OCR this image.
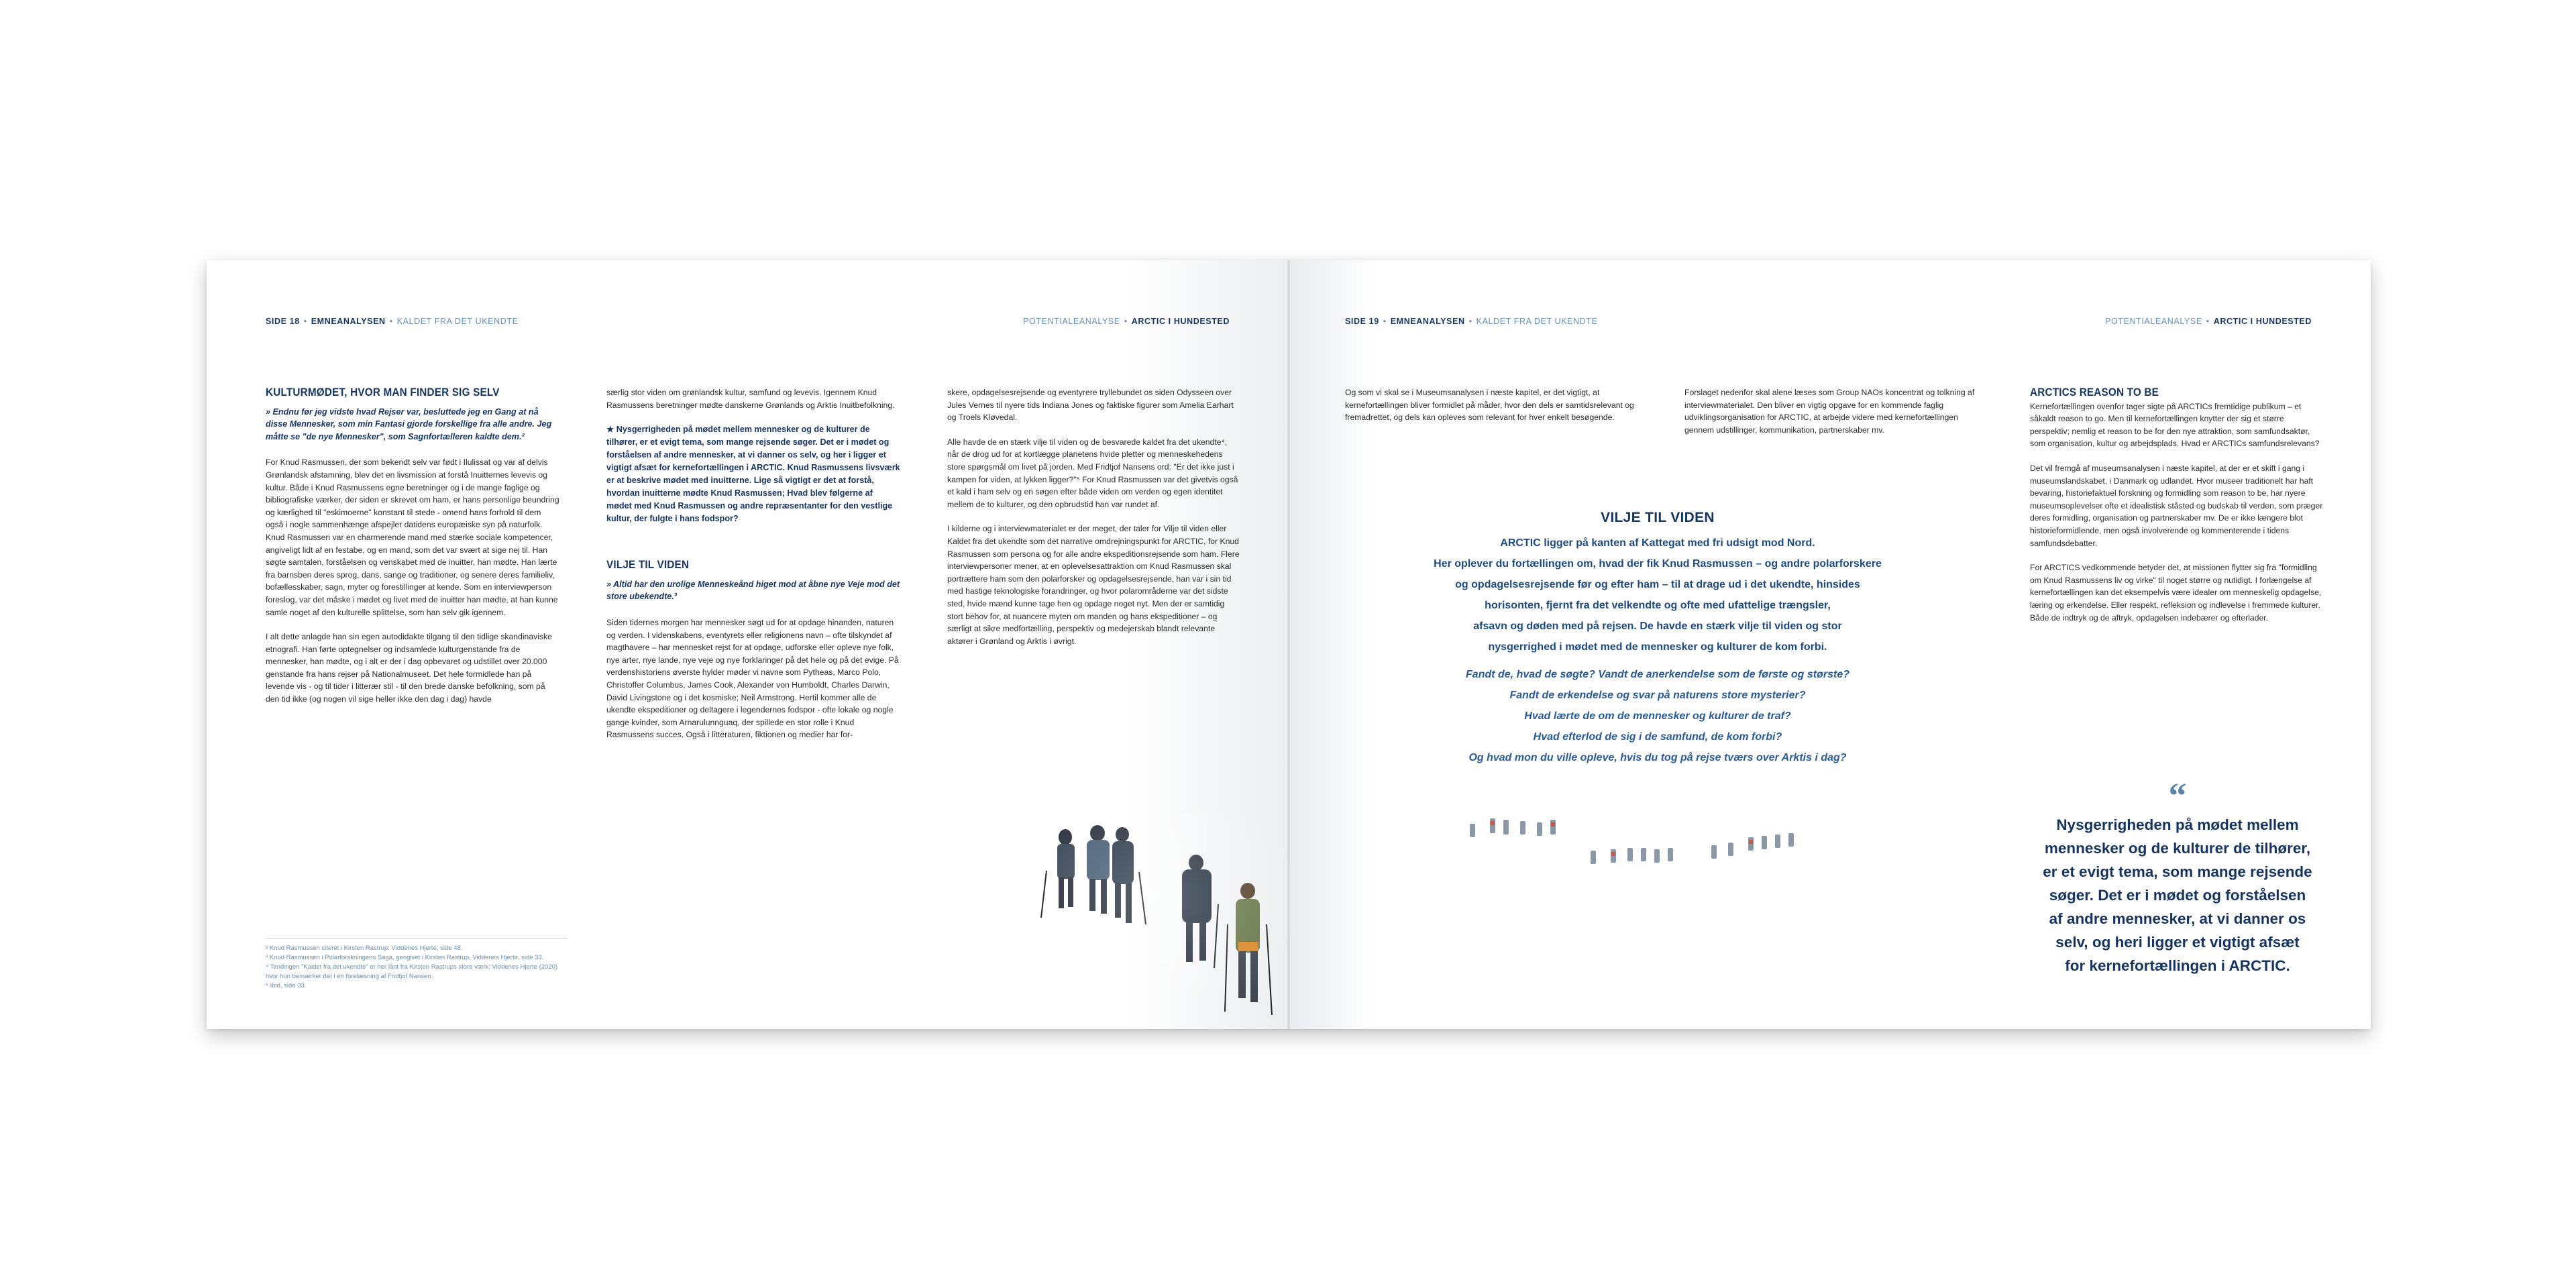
SIDE 18 • EMNEANALYSEN • KALDET FRA DET UKENDTE	POTENTIALEANALYSE • ARCTIC I HUNDESTED
KULTURMØDET, HVOR MAN FINDER SIG SELV
» Endnu før jeg vidste hvad Rejser var, besluttede jeg en Gang at nå disse Mennesker, som min Fantasi gjorde forskellige fra alle andre. Jeg måtte se "de nye Mennesker", som Sagnfortælleren kaldte dem.²

For Knud Rasmussen, der som bekendt selv var født i Ilulissat og var af delvis Grønlandsk afstamning, blev det en livsmission at forstå Inuitternes levevis og kultur. Både i Knud Rasmussens egne beretninger og i de mange faglige og bibliografiske værker, der siden er skrevet om ham, er hans personlige beundring og kærlighed til "eskimoerne" konstant til stede - omend hans forhold til dem også i nogle sammenhænge afspejler datidens europæiske syn på naturfolk. Knud Rasmussen var en charmerende mand med stærke sociale kompetencer, angiveligt lidt af en festabe, og en mand, som det var svært at sige nej til. Han søgte samtalen, forståelsen og venskabet med de inuitter, han mødte. Han lærte fra barnsben deres sprog, dans, sange og traditioner, og senere deres familieliv, bofællesskaber, sagn, myter og forestillinger at kende. Som en interviewperson foreslog, var det måske i mødet og livet med de inuitter han mødte, at han kunne samle noget af den kulturelle splittelse, som han selv gik igennem.

I alt dette anlagde han sin egen autodidakte tilgang til den tidlige skandinaviske etnografi. Han førte optegnelser og indsamlede kulturgenstande fra de mennesker, han mødte, og i alt er der i dag opbevaret og udstillet over 20.000 genstande fra hans rejser på Nationalmuseet. Det hele formidlede han på levende vis - og til tider i litterær stil - til den brede danske befolkning, som på den tid ikke (og nogen vil sige heller ikke den dag i dag) havde

særlig stor viden om grønlandsk kultur, samfund og levevis. Igennem Knud Rasmussens beretninger mødte danskerne Grønlands og Arktis Inuitbefolkning.

★ Nysgerrigheden på mødet mellem mennesker og de kulturer de tilhører, er et evigt tema, som mange rejsende søger. Det er i mødet og forståelsen af andre mennesker, at vi danner os selv, og her i ligger et vigtigt afsæt for kernefortællingen i ARCTIC. Knud Rasmussens livsværk er at beskrive mødet med inuitterne. Lige så vigtigt er det at forstå, hvordan inuitterne mødte Knud Rasmussen; Hvad blev følgerne af mødet med Knud Rasmussen og andre repræsentanter for den vestlige kultur, der fulgte i hans fodspor?

VILJE TIL VIDEN
» Altid har den urolige Menneskeånd higet mod at åbne nye Veje mod det store ubekendte.³

Siden tidernes morgen har mennesker søgt ud for at opdage hinanden, naturen og verden. I videnskabens, eventyrets eller religionens navn – ofte tilskyndet af magthavere – har mennesket rejst for at opdage, udforske eller opleve nye folk, nye arter, nye lande, nye veje og nye forklaringer på det hele og på det evige. På verdenshistoriens øverste hylder møder vi navne som Pytheas, Marco Polo, Christoffer Columbus, James Cook, Alexander von Humboldt, Charles Darwin, David Livingstone og i det kosmiske; Neil Armstrong. Hertil kommer alle de ukendte ekspeditioner og deltagere i legendernes fodspor - ofte lokale og nogle gange kvinder, som Arnarulunnguaq, der spillede en stor rolle i Knud Rasmussens succes. Også i litteraturen, fiktionen og medier har for-

skere, opdagelsesrejsende og eventyrere tryllebundet os siden Odysseen over Jules Vernes til nyere tids Indiana Jones og faktiske figurer som Amelia Earhart og Troels Kløvedal.

Alle havde de en stærk vilje til viden og de besvarede kaldet fra det ukendte⁴, når de drog ud for at kortlægge planetens hvide pletter og menneskehedens store spørgsmål om livet på jorden. Med Fridtjof Nansens ord: "Er det ikke just i kampen for viden, at lykken ligger?"⁵ For Knud Rasmussen var det givetvis også et kald i ham selv og en søgen efter både viden om verden og egen identitet mellem de to kulturer, og den opbrudstid han var rundet af.

I kilderne og i interviewmaterialet er der meget, der taler for Vilje til viden eller Kaldet fra det ukendte som det narrative omdrejningspunkt for ARCTIC, for Knud Rasmussen som persona og for alle andre ekspeditionsrejsende som ham. Flere interviewpersoner mener, at en oplevelsesattraktion om Knud Rasmussen skal portrættere ham som den polarforsker og opdagelsesrejsende, han var i sin tid med hastige teknologiske forandringer, og hvor polarområderne var det sidste sted, hvide mænd kunne tage hen og opdage noget nyt. Men der er samtidig stort behov for, at nuancere myten om manden og hans ekspeditioner – og særligt at sikre medfortælling, perspektiv og medejerskab blandt relevante aktører i Grønland og Arktis i øvrigt.

² Knud Rasmussen citeret i Kirsten Rastrup: Viddenes Hjerte, side 48.
³ Knud Rasmussen i Polarforskningens Saga, gengivet i Kirsten Rastrup, Viddenes Hjerte, side 33.
⁴ Tendingen "Kaldet fra det ukendte" er her lånt fra Kirsten Rastrups store værk: Viddenes Hjerte (2020) hvor hun bemærker det i en forelæsning af Fridtjof Nansen.
⁵ Ibid, side 33.
SIDE 19 • EMNEANALYSEN • KALDET FRA DET UKENDTE	POTENTIALEANALYSE • ARCTIC I HUNDESTED

Og som vi skal se i Museumsanalysen i næste kapitel, er det vigtigt, at kernefortællingen bliver formidlet på måder, hvor den dels er samtidsrelevant og fremadrettet, og dels kan opleves som relevant for hver enkelt besøgende.

Forslaget nedenfor skal alene læses som Group NAOs koncentrat og tolkning af interviewmaterialet. Den bliver en vigtig opgave for en kommende faglig udviklingsorganisation for ARCTIC, at arbejde videre med kernefortællingen gennem udstillinger, kommunikation, partnerskaber mv.

VILJE TIL VIDEN
ARCTIC ligger på kanten af Kattegat med fri udsigt mod Nord.
Her oplever du fortællingen om, hvad der fik Knud Rasmussen – og andre polarforskere
og opdagelsesrejsende før og efter ham – til at drage ud i det ukendte, hinsides
horisonten, fjernt fra det velkendte og ofte med ufattelige trængsler,
afsavn og døden med på rejsen. De havde en stærk vilje til viden og stor
nysgerrighed i mødet med de mennesker og kulturer de kom forbi.
Fandt de, hvad de søgte? Vandt de anerkendelse som de første og største?
Fandt de erkendelse og svar på naturens store mysterier?
Hvad lærte de om de mennesker og kulturer de traf?
Hvad efterlod de sig i de samfund, de kom forbi?
Og hvad mon du ville opleve, hvis du tog på rejse tværs over Arktis i dag?
ARCTICS REASON TO BE

Kernefortællingen ovenfor tager sigte på ARCTICs fremtidige publikum – et såkaldt reason to go. Men til kernefortællingen knytter der sig et større perspektiv; nemlig et reason to be for den nye attraktion, som samfundsaktør, som organisation, kultur og arbejdsplads. Hvad er ARCTICs samfundsrelevans?

Det vil fremgå af museumsanalysen i næste kapitel, at der er et skift i gang i museumslandskabet, i Danmark og udlandet. Hvor museer traditionelt har haft bevaring, historiefaktuel forskning og formidling som reason to be, har nyere museumsoplevelser ofte et idealistisk ståsted og budskab til verden, som præger deres formidling, organisation og partnerskaber mv. De er ikke længere blot historieformidlende, men også involverende og kommenterende i tidens samfundsdebatter.

For ARCTICS vedkommende betyder det, at missionen flytter sig fra "formidling om Knud Rasmussens liv og virke" til noget større og nutidigt. I forlængelse af kernefortællingen kan det eksempelvis være idealer om menneskelig opdagelse, læring og erkendelse. Eller respekt, refleksion og indlevelse i fremmede kulturer. Både de indtryk og de aftryk, opdagelsen indebærer og efterlader.

“
Nysgerrigheden på mødet mellem
mennesker og de kulturer de tilhører,
er et evigt tema, som mange rejsende
søger. Det er i mødet og forståelsen
af andre mennesker, at vi danner os
selv, og heri ligger et vigtigt afsæt
for kernefortællingen i ARCTIC.
